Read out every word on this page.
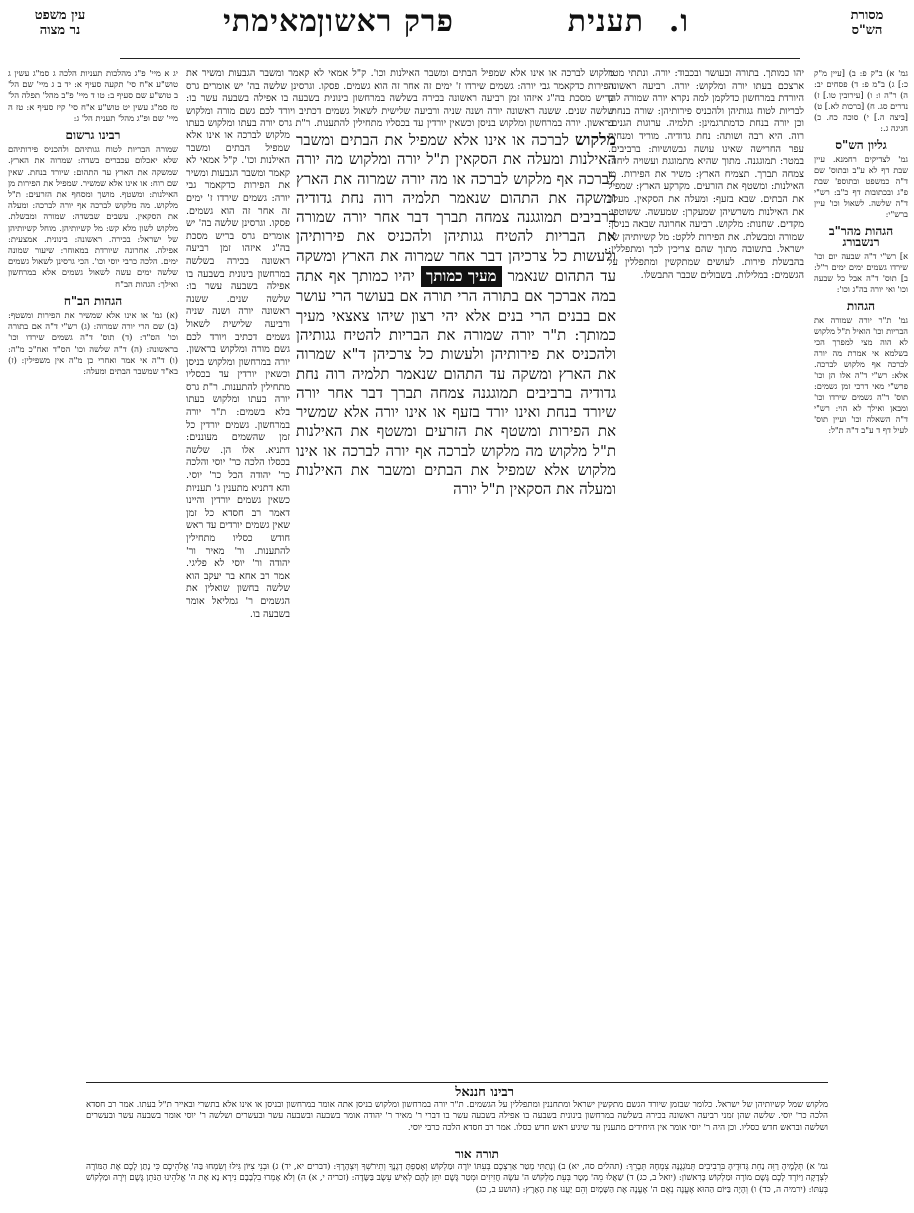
מסורת
הש"ס
מאימתי
פרק ראשון	תענית ו.
עין משפט
נר מצוה

גמ' א) ב"ק פ: ב) [עיין מ"ק כ:] ג) ב"מ פ: ד) פסחים יב: ה) ר"ה ו: ו) [עירובין טו.] ז) נדרים סג. ח) [ברכות לא.] ט) [ביצה ה.] י) סוכה כח. כ) חגיגה ג.:

גליון הש"ס

גמ' לצדיקים רחמנא. עיין שבת דף לא ע"ב ובתוס' שם ד"ה כמשפט ובתוספ' שבת פ"ג ובכתובות דף כ"ב: רש"י ד"ה שלשה. לשאול וכו' עיין ברש"י:

הגהות מהר"ב רנשבורג

א] רש"י ד"ה שבעה יום וכו' שירדו גשמים ימים ימים ר"ל: ב] תוס' ד"ה אבל כל שבעה וכו' ואי יורה בה"ג וכו':

הגהות

גמ' ת"ר יורה שמורה את הבריות וכו' הואיל ת"ל מלקוש לא הוה מצי למפרך הכי בשלמא אי אמרת מה יורה לברכה אף מלקוש לברכה. אלא: רש"י ד"ה אלו הן וכו' פרש"י מאי דרכי זמן גשמים: תוס' ד"ה גשמים שירדו וכו' ומבאן ואילך לא הוי: רש"י ד"ה השאלה וכו' ועיין תוס' לעיל דף ד ע"ב ד"ה ת"ל:

יהו כמותך. בתורה ובעושר ובכבוד: יורה. ונתתי מטר ארצכם בעתו יורה ומלקוש: יורה. רביעה ראשונה היורדת במרחשון כדלקמן למה נקרא יורה שמורה להן לבריות לטוח גגותיהן ולהכניס פירותיהן: שורה בנחת. וכן יורה בנחת כדמתרגמינן: תלמיה. ערוגות הגנים: רוה. היא רבה ושותה: נחת גדודיה. מוריד ומנחית עפר החרישה שאינו עושה גבשושיות: ברביבים. במטר: תמוגגנה. מתוך שהיא מתמוגגת ועשויה ליחה: צמחה תברך. תצמיח הארץ: משיר את הפירות. מן האילנות: ומשטף את הזרעים. מקרקע הארץ: שמפיל את הבתים. שבא בזעף: ומעלה את הסקאין. מעלה את האילנות משרשיהן שמעקרן: שמעשה. ששוטפו: מקדים. שחנות: מלקוש. רביעה אחרונה שבאה בניסן: שמורה ומבשלת. את הפירות ללקט: מל קשיותיהן של ישראל. בתשובה מתוך שהם צריכין לכך ומתפללין: בהבשלת פירות. לעושים שמתקשין ומתפללין על הגשמים: במלילות. בשבולים שכבר התבשלו.

מלקוש לברכה או אינו אלא שמפיל הבתים ומשבר האילנות וכו'. ק"ל אמאי לא קאמר ומשבר הגבעות ומשיר את הפירות כדקאמר גבי יורה: גשמים שירדו ז' ימים זה אחר זה הוא גשמים. פסקו. וגרסינן שלשה בה' יש אומרים גרס בריש מסכת בה"ג איזהו זמן רביעה ראשונה בכירה בשלשה במרחשון בינונית בשבעה בו אפילה בשבעה עשר בו: שלשה שנים. ששנה ראשונה יורה ושנה שניה ורביעה שלישית לשאול גשמים דכתיב ויורד לכם גשם מורה ומלקוש בראשון. יורה במרחשון ומלקוש בניסן וכשאין יורדין עד בכסליו מתחילין להתענות. ר"ת גרס יורה בעתו ומלקוש בעתו

מלקוש לברכה או אינו אלא שמפיל הבתים ומשבר האילנות וכו'. ק"ל אמאי לא קאמר ומשבר הגבעות ומשיר את הפירות כדקאמר גבי יורה: גשמים שירדו ז' ימים זה אחר זה הוא גשמים. פסקו. וגרסינן שלשה בה' יש אומרים גרס בריש מסכת בה"ג איזהו זמן רביעה ראשונה בכירה בשלשה במרחשון בינונית בשבעה בו אפילה בשבעה עשר בו: שלשה שנים. ששנה ראשונה יורה ושנה שניה ורביעה שלישית לשאול גשמים דכתיב ויורד לכם גשם מורה ומלקוש בראשון. יורה במרחשון ומלקוש בניסן וכשאין יורדין עד בכסליו מתחילין להתענות. ר"ת גרס יורה בעתו ומלקוש בעתו בלא בשמים: ת"ר יורה במרחשון. גשמים יורדין כל זמן שהשמים מעוננים: דתניא. אלו הן. שלשה בכסלו הלכה כר' יוסי והלכה כר' יהודה הכל כר' יוסי. והא דתניא מתענין ג' תעניות כשאין גשמים יורדין והיינו דאמר רב חסדא כל זמן שאין גשמים יורדים עד ראש חודש כסליו מתחילין להתענות. ור' מאיר ור' יהודה ור' יוסי לא פליגי. אמר רב אחא בר יעקב הוא שלשה בחשון שואלין את הגשמים ר' גמליאל אומר בשבעה בו.

מלקוש לברכה או אינו אלא שמפיל את הבתים ומשבר האילנות ומעלה את הסקאין ת"ל יורה ומלקוש מה יורה לברכה אף מלקוש לברכה או מה יורה שמרוה את הארץ ומשקה את התהום שנאמר תלמיה רוה נחת גדודיה ברביבים תמוגגנה צמחה תברך דבר אחר יורה שמורה את הבריות להטיח גגותיהן ולהכניס את פירותיהן ולעשות כל צרכיהן דבר אחר שמרוה את הארץ ומשקה עד התהום שנאמר מעיך כמותך יהיו כמותך אף אתה במה אברכך אם בתורה הרי תורה אם בעושר הרי עושר אם בבנים הרי בנים אלא יהי רצון שיהו צאצאי מעיך כמותך: ת"ר יורה שמורה את הבריות להטיח גגותיהן ולהכניס את פירותיהן ולעשות כל צרכיהן ד"א שמרוה את הארץ ומשקה עד התהום שנאמר תלמיה רוה נחת גדודיה ברביבים תמוגגנה צמחה תברך דבר אחר יורה שיורד בנחת ואינו יורד בזעף או אינו יורה אלא שמשיר את הפירות ומשטף את הזרעים ומשטף את האילנות ת"ל מלקוש מה מלקוש לברכה אף יורה לברכה או אינו מלקוש אלא שמפיל את הבתים ומשבר את האילנות ומעלה את הסקאין ת"ל יורה

יג א מיי' פ"ג מהלכות תעניות הלכה ג סמ"ג עשין ג טוש"ע א"ח סי' תקעה סעיף א: יד ב ג מיי' שם הל' ב טוש"ע שם סעיף ב: טו ד מיי' פ"ב מהל' תפלה הל' טז סמ"ג עשין יט טוש"ע א"ח סי' קיז סעיף א: טז ה מיי' שם ופ"ג מהל' תענית הל' ג:

רבינו גרשום

שמורה הבריות לטוח גגותיהם ולהכניס פירותיהם שלא יאכלום עכברים בשדה: שמרוה את הארץ. שמשקה את הארץ עד התהום: שיורד בנחת. שאין שם רוח: או אינו אלא שמשיר. שמפיל את הפירות מן האילנות: ומשטף. מושך ומסחף את הזרעים: ת"ל מלקוש. מה מלקוש לברכה אף יורה לברכה: ומעלה את הסקאין. עשבים שבשדה: שמורה ומבשלת. מלקוש לשון מלא קש: מל קשיותיהן. מוחל קשיותיהן של ישראל: בכירה. ראשונה: בינונית. אמצעית: אפילה. אחרונה שיורדת במאוחר: שיעור שמונה ימים. הלכה כרבי יוסי וכו'. הכי גרסינן לשאול גשמים שלשה ימים עשה לשאול גשמים אלא במרחשון ואילך: הגהות הב"ח

הגהות הב"ח

(א) גמ' או אינו אלא שמשיר את הפירות ומשטף: (ב) שם הרי יורה שמרוה: (ג) רש"י ד"ה אם בתורה וכו' הס"ד: (ד) תוס' ד"ה גשמים שירדו וכו' בראשונה: (ה) ד"ה שלשה וכו' הס"ד ואח"כ מ"ה: (ו) ד"ה אי אמר ואחרי כן מ"ה אין משפילין: (ז) בא"ד שמשבר הבתים ומעלה:

רבינו חננאל
מלקוש שמל קשיותיהן של ישראל. כלומר שבזמן שיורד הגשם מתקשין ישראל ומתחננין ומתפללין על הגשמים. ת"ר יורה במרחשון ומלקוש בניסן אתה אומר במרחשון ובניסן או אינו אלא בתשרי ובאייר ת"ל בעתו. אמר רב חסדא הלכה כר' יוסי. שלשה שהן זמני רביעה ראשונה בכירה בשלשה במרחשון בינונית בשבעה בו אפילה בשבעה עשר בו דברי ר' מאיר ר' יהודה אומר בשבעה ובשבעה עשר ובעשרים ושלשה ר' יוסי אומר בשבעה עשר ובעשרים ושלשה ובראש חדש כסליו. וכן היה ר' יוסי אומר אין היחידים מתענין עד שיגיע ראש חדש כסלו. אמר רב חסדא הלכה כרבי יוסי.
תורה אור
גמ' א) תְּלָמֶיהָ רַוֵּה נַחֵת גְּדוּדֶיהָ בִּרְבִיבִים תְּמֹגְגֶנָּה צִמְחָהּ תְּבָרֵךְ: (תהלים סה, יא) ב) וְנָתַתִּי מְטַר אַרְצְכֶם בְּעִתּוֹ יוֹרֶה וּמַלְקוֹשׁ וְאָסַפְתָּ דְגָנֶךָ וְתִירֹשְׁךָ וְיִצְהָרֶךָ: (דברים יא, יד) ג) וּבְנֵי צִיּוֹן גִּילוּ וְשִׂמְחוּ בַּה' אֱלֹהֵיכֶם כִּי נָתַן לָכֶם אֶת הַמּוֹרֶה לִצְדָקָה וַיּוֹרֶד לָכֶם גֶּשֶׁם מוֹרֶה וּמַלְקוֹשׁ בָּרִאשׁוֹן: (יואל ב, כג) ד) שַׁאֲלוּ מֵה' מָטָר בְּעֵת מַלְקוֹשׁ ה' עֹשֶׂה חֲזִיזִים וּמְטַר גֶּשֶׁם יִתֵּן לָהֶם לְאִישׁ עֵשֶׂב בַּשָּׂדֶה: (זכריה י, א) ה) וְלֹא אָמְרוּ בִלְבָבָם נִירָא נָא אֶת ה' אֱלֹהֵינוּ הַנֹּתֵן גֶּשֶׁם וְיֹרֶה וּמַלְקוֹשׁ בְּעִתּוֹ: (ירמיה ה, כד) ו) וְהָיָה בַּיּוֹם הַהוּא אֶעֱנֶה נְאֻם ה' אֶעֱנֶה אֶת הַשָּׁמָיִם וְהֵם יַעֲנוּ אֶת הָאָרֶץ: (הושע ב, כג)
